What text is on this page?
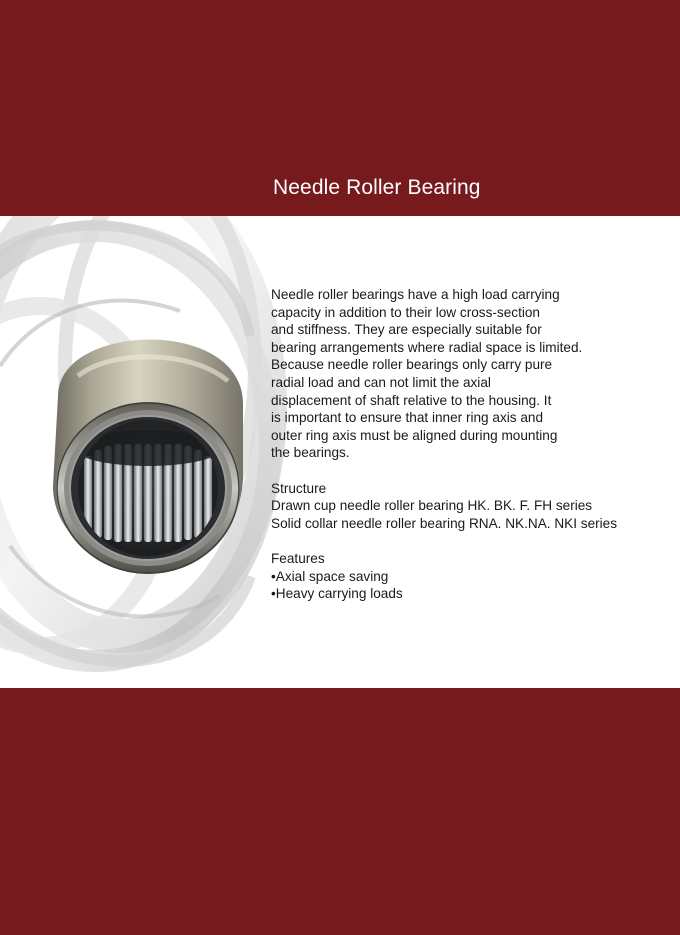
Needle roller bearings have a high load carrying
capacity in addition to their low cross-section
and stiffness. They are especially suitable for
bearing arrangements where radial space is limited.
Because needle roller bearings only carry pure
radial load and can not limit the axial
displacement of shaft relative to the housing. It
is important to ensure that inner ring axis and
outer ring axis must be aligned during mounting
the bearings.
Structure
Drawn cup needle roller bearing HK. BK. F. FH series
Solid collar needle roller bearing RNA. NK.NA. NKI series
Features
•Axial space saving
•Heavy carrying loads
Needle Roller Bearing
